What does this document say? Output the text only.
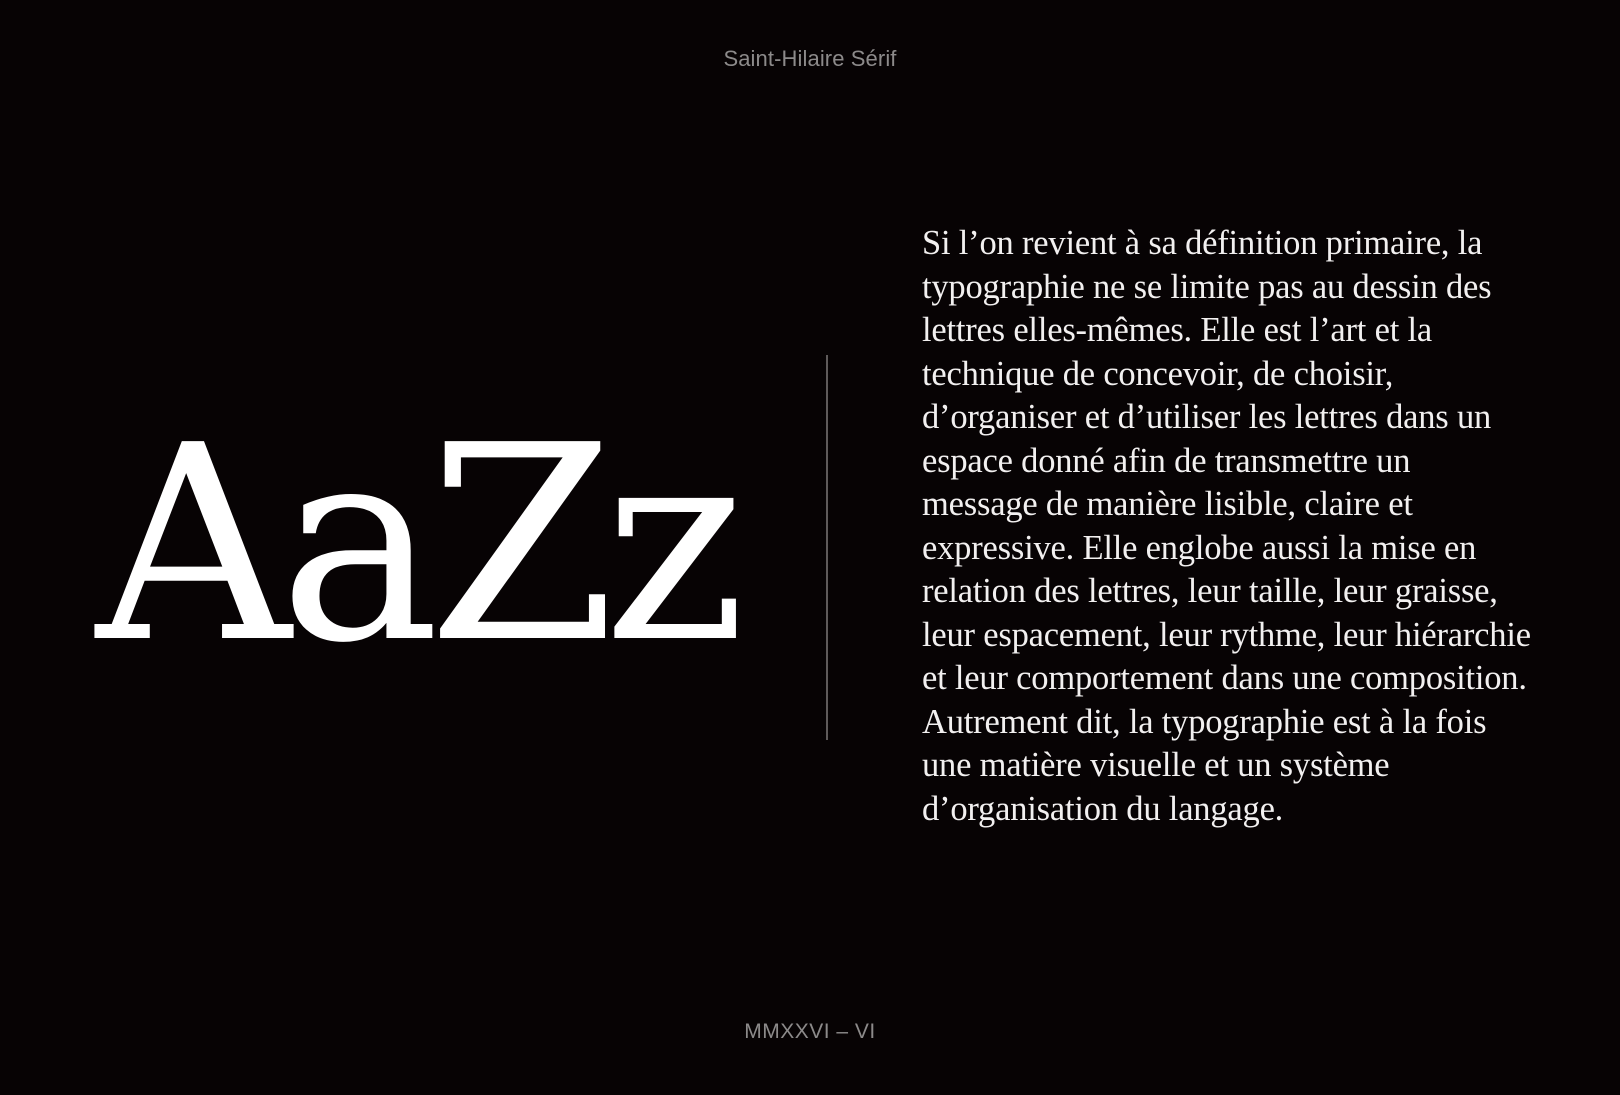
Saint-Hilaire Sérif
AaZz
Si l’on revient à sa définition primaire, la typographie ne se limite pas au dessin des lettres elles-mêmes. Elle est l’art et la technique de concevoir, de choisir, d’organiser et d’utiliser les lettres dans un espace donné afin de transmettre un message de manière lisible, claire et expressive. Elle englobe aussi la mise en relation des lettres, leur taille, leur graisse, leur espacement, leur rythme, leur hiérarchie et leur comportement dans une composition. Autrement dit, la typographie est à la fois une matière visuelle et un système d’organisation du langage.
MMXXVI – VI
